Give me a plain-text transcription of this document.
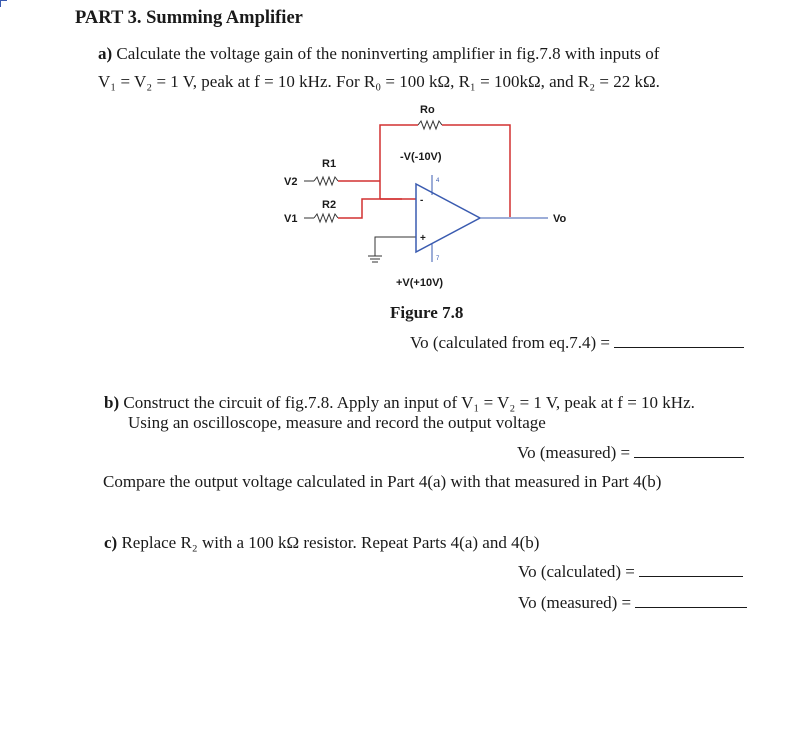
PART 3. Summing Amplifier
a) Calculate the voltage gain of the noninverting amplifier in fig.7.8 with inputs of
V₁ = V₂ = 1 V, peak at f = 10 kHz. For R₀ = 100 kΩ, R₁ = 100kΩ, and R₂ = 22 kΩ.
Ro
R1
V2
R2
V1
-
+
4
7
-V(-10V)
+V(+10V)
Vo
Figure 7.8
Vo (calculated from eq.7.4) =
b) Construct the circuit of fig.7.8. Apply an input of V₁ = V₂ = 1 V, peak at f = 10 kHz.
Using an oscilloscope, measure and record the output voltage
Vo (measured) =
Compare the output voltage calculated in Part 4(a) with that measured in Part 4(b)
c) Replace R₂ with a 100 kΩ resistor. Repeat Parts 4(a) and 4(b)
Vo (calculated) =
Vo (measured) =
